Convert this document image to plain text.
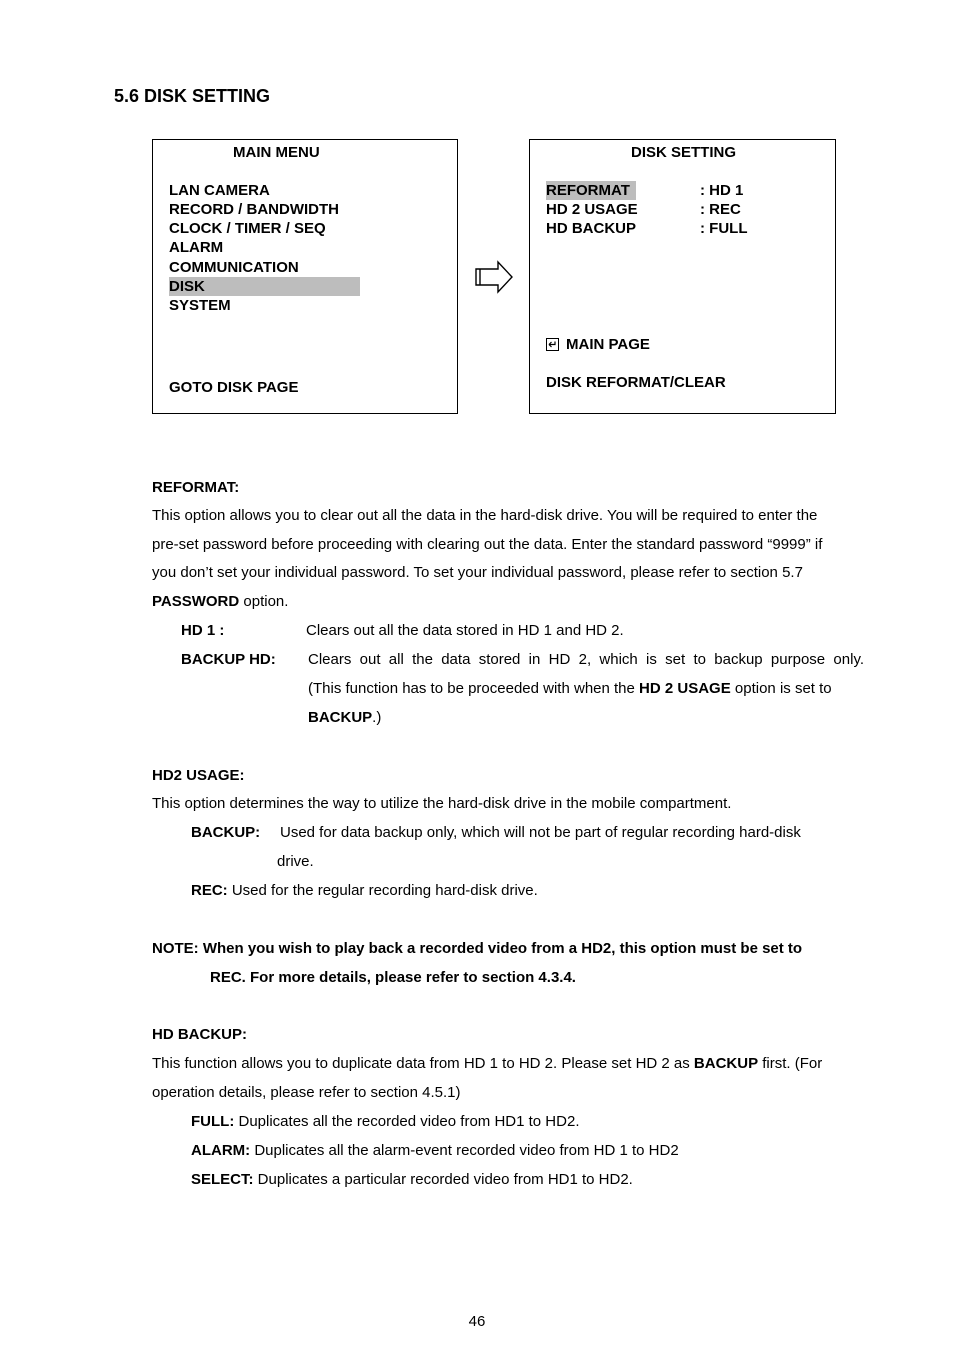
5.6 DISK SETTING
MAIN MENU
LAN CAMERA
RECORD / BANDWIDTH
CLOCK / TIMER / SEQ
ALARM
COMMUNICATION
DISK
SYSTEM
GOTO DISK PAGE
DISK SETTING
REFORMAT	: HD 1
HD 2 USAGE	: REC
HD BACKUP	: FULL
MAIN PAGE
DISK REFORMAT/CLEAR
REFORMAT:
This option allows you to clear out all the data in the hard-disk drive. You will be required to enter the
pre-set password before proceeding with clearing out the data. Enter the standard password “9999” if
you don’t set your individual password. To set your individual password, please refer to section 5.7
PASSWORD option.
HD 1 :	Clears out all the data stored in HD 1 and HD 2.
BACKUP HD: Clears out all the data stored in HD 2, which is set to backup purpose only.
(This function has to be proceeded with when the HD 2 USAGE option is set to
BACKUP.)
HD2 USAGE:
This option determines the way to utilize the hard-disk drive in the mobile compartment.
BACKUP: Used for data backup only, which will not be part of regular recording hard-disk
drive.
REC: Used for the regular recording hard-disk drive.
NOTE: When you wish to play back a recorded video from a HD2, this option must be set to
REC. For more details, please refer to section 4.3.4.
HD BACKUP:
This function allows you to duplicate data from HD 1 to HD 2. Please set HD 2 as BACKUP first. (For
operation details, please refer to section 4.5.1)
FULL: Duplicates all the recorded video from HD1 to HD2.
ALARM: Duplicates all the alarm-event recorded video from HD 1 to HD2
SELECT: Duplicates a particular recorded video from HD1 to HD2.
46
